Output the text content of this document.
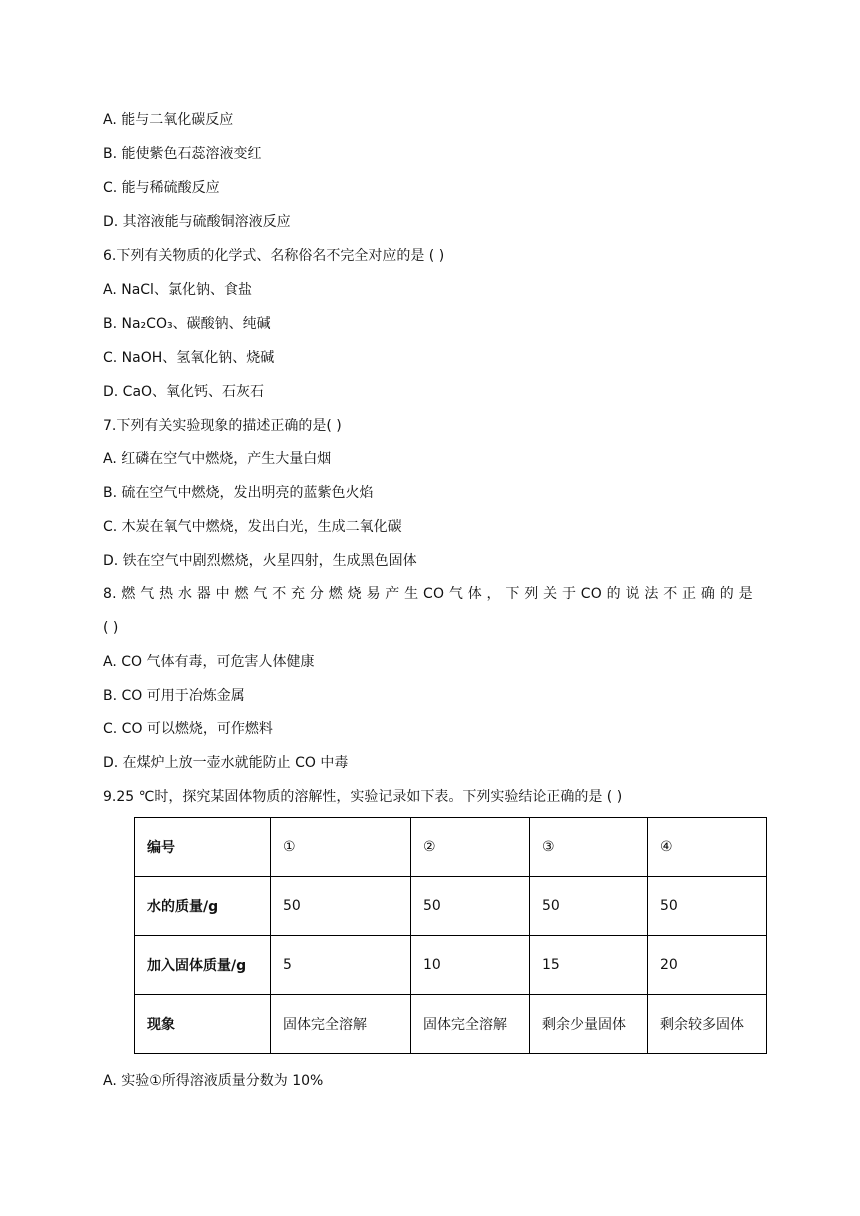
A. 能与二氧化碳反应
B. 能使紫色石蕊溶液变红
C. 能与稀硫酸反应
D. 其溶液能与硫酸铜溶液反应
6.下列有关物质的化学式、名称俗名不完全对应的是 ( )
A. NaCl、氯化钠、食盐
B. Na₂CO₃、碳酸钠、纯碱
C. NaOH、氢氧化钠、烧碱
D. CaO、氧化钙、石灰石
7.下列有关实验现象的描述正确的是( )
A. 红磷在空气中燃烧，产生大量白烟
B. 硫在空气中燃烧，发出明亮的蓝紫色火焰
C. 木炭在氧气中燃烧，发出白光，生成二氧化碳
D. 铁在空气中剧烈燃烧，火星四射，生成黑色固体
8. 燃 气 热 水 器 中 燃 气 不 充 分 燃 烧 易 产 生 CO 气 体 ， 下 列 关 于 CO 的 说 法 不 正 确 的 是
( )
A. CO 气体有毒，可危害人体健康
B. CO 可用于冶炼金属
C. CO 可以燃烧，可作燃料
D. 在煤炉上放一壶水就能防止 CO 中毒
9.25 ℃时，探究某固体物质的溶解性，实验记录如下表。下列实验结论正确的是 ( )
编号	①	②	③	④
水的质量/g	50	50	50	50
加入固体质量/g	5	10	15	20
现象	固体完全溶解	固体完全溶解	剩余少量固体	剩余较多固体
A. 实验①所得溶液质量分数为 10%
